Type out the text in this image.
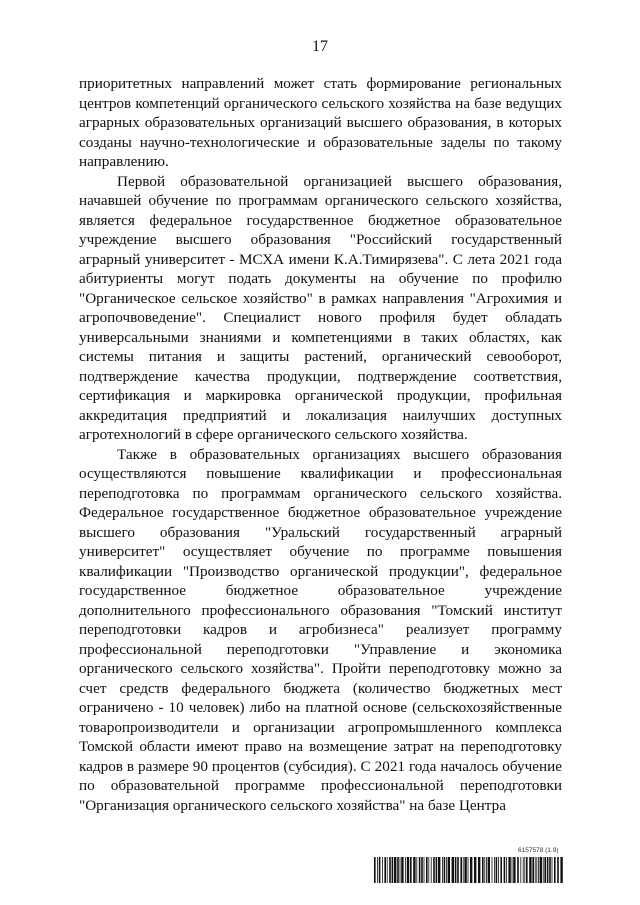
17

приоритетных направлений может стать формирование региональных центров компетенций органического сельского хозяйства на базе ведущих аграрных образовательных организаций высшего образования, в которых созданы научно-технологические и образовательные заделы по такому направлению.

Первой образовательной организацией высшего образования, начавшей обучение по программам органического сельского хозяйства, является федеральное государственное бюджетное образовательное учреждение высшего образования "Российский государственный аграрный университет - МСХА имени К.А.Тимирязева". С лета 2021 года абитуриенты могут подать документы на обучение по профилю "Органическое сельское хозяйство" в рамках направления "Агрохимия и агропочвоведение". Специалист нового профиля будет обладать универсальными знаниями и компетенциями в таких областях, как системы питания и защиты растений, органический севооборот, подтверждение качества продукции, подтверждение соответствия, сертификация и маркировка органической продукции, профильная аккредитация предприятий и локализация наилучших доступных агротехнологий в сфере органического сельского хозяйства.

Также в образовательных организациях высшего образования осуществляются повышение квалификации и профессиональная переподготовка по программам органического сельского хозяйства. Федеральное государственное бюджетное образовательное учреждение высшего образования "Уральский государственный аграрный университет" осуществляет обучение по программе повышения квалификации "Производство органической продукции", федеральное государственное бюджетное образовательное учреждение дополнительного профессионального образования "Томский институт переподготовки кадров и агробизнеса" реализует программу профессиональной переподготовки "Управление и экономика органического сельского хозяйства". Пройти переподготовку можно за счет средств федерального бюджета (количество бюджетных мест ограничено - 10 человек) либо на платной основе (сельскохозяйственные товаропроизводители и организации агропромышленного комплекса Томской области имеют право на возмещение затрат на переподготовку кадров в размере 90 процентов (субсидия). С 2021 года началось обучение по образовательной программе профессиональной переподготовки "Организация органического сельского хозяйства" на базе Центра

6157578 (1.9)
